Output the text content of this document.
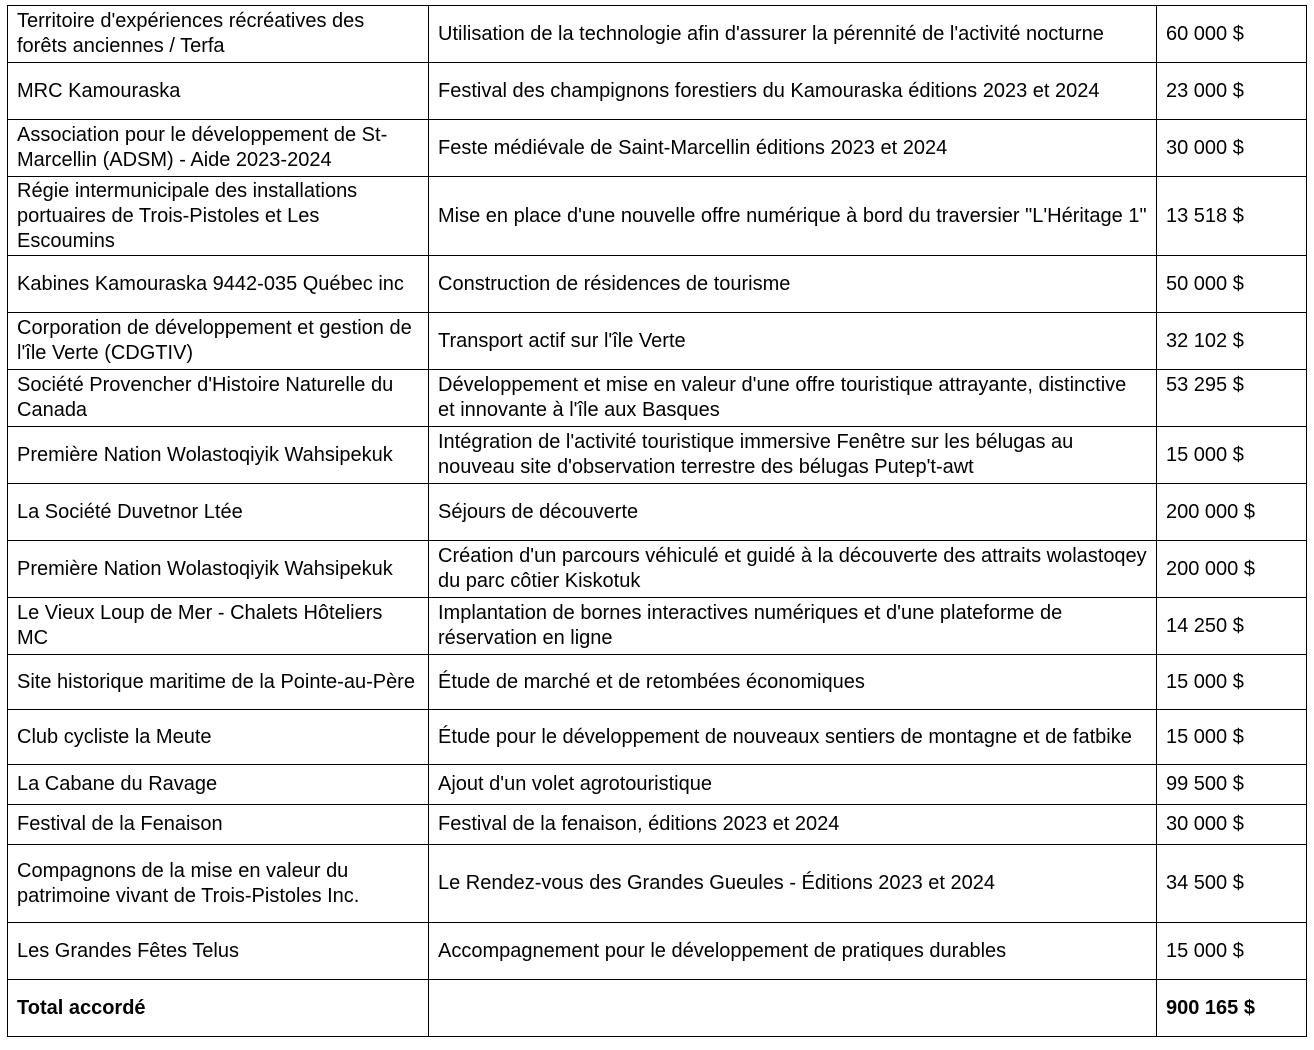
Territoire d'expériences récréatives des forêts anciennes / Terfa	Utilisation de la technologie afin d'assurer la pérennité de l'activité nocturne	60 000 $
MRC Kamouraska	Festival des champignons forestiers du Kamouraska éditions 2023 et 2024	23 000 $
Association pour le développement de St-Marcellin (ADSM) - Aide 2023-2024	Feste médiévale de Saint-Marcellin éditions 2023 et 2024	30 000 $
Régie intermunicipale des installations portuaires de Trois-Pistoles et Les Escoumins	Mise en place d'une nouvelle offre numérique à bord du traversier "L'Héritage 1"	13 518 $
Kabines Kamouraska 9442-035 Québec inc	Construction de résidences de tourisme	50 000 $
Corporation de développement et gestion de l'île Verte (CDGTIV)	Transport actif sur l'île Verte	32 102 $
Société Provencher d'Histoire Naturelle du Canada	Développement et mise en valeur d'une offre touristique attrayante, distinctive et innovante à l'île aux Basques	53 295 $
Première Nation Wolastoqiyik Wahsipekuk	Intégration de l'activité touristique immersive Fenêtre sur les bélugas au nouveau site d'observation terrestre des bélugas Putep't-awt	15 000 $
La Société Duvetnor Ltée	Séjours de découverte	200 000 $
Première Nation Wolastoqiyik Wahsipekuk	Création d'un parcours véhiculé et guidé à la découverte des attraits wolastoqey du parc côtier Kiskotuk	200 000 $
Le Vieux Loup de Mer - Chalets Hôteliers MC	Implantation de bornes interactives numériques et d'une plateforme de réservation en ligne	14 250 $
Site historique maritime de la Pointe-au-Père	Étude de marché et de retombées économiques	15 000 $
Club cycliste la Meute	Étude pour le développement de nouveaux sentiers de montagne et de fatbike	15 000 $
La Cabane du Ravage	Ajout d'un volet agrotouristique	99 500 $
Festival de la Fenaison	Festival de la fenaison, éditions 2023 et 2024	30 000 $
Compagnons de la mise en valeur du patrimoine vivant de Trois-Pistoles Inc.	Le Rendez-vous des Grandes Gueules - Éditions 2023 et 2024	34 500 $
Les Grandes Fêtes Telus	Accompagnement pour le développement de pratiques durables	15 000 $
Total accordé		900 165 $
